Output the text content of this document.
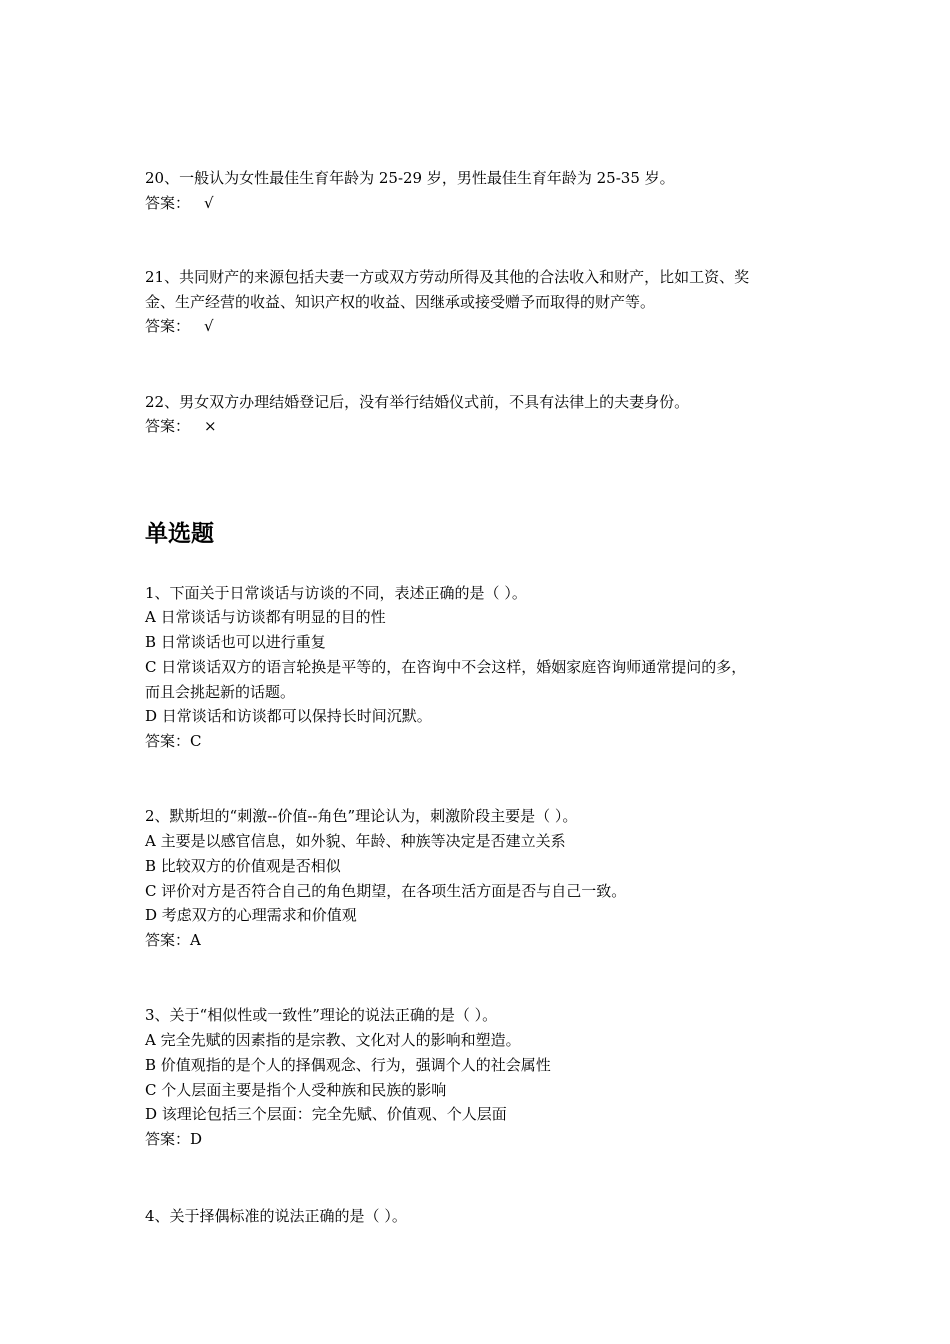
20、一般认为女性最佳生育年龄为 25-29 岁，男性最佳生育年龄为 25-35 岁。
答案： √
21、共同财产的来源包括夫妻一方或双方劳动所得及其他的合法收入和财产，比如工资、奖
金、生产经营的收益、知识产权的收益、因继承或接受赠予而取得的财产等。
答案： √
22、男女双方办理结婚登记后，没有举行结婚仪式前，不具有法律上的夫妻身份。
答案： ×
单选题
1、下面关于日常谈话与访谈的不同，表述正确的是（ ）。
A 日常谈话与访谈都有明显的目的性
B 日常谈话也可以进行重复
C 日常谈话双方的语言轮换是平等的，在咨询中不会这样，婚姻家庭咨询师通常提问的多，
而且会挑起新的话题。
D 日常谈话和访谈都可以保持长时间沉默。
答案：C
2、默斯坦的“刺激--价值--角色”理论认为，刺激阶段主要是（ ）。
A 主要是以感官信息，如外貌、年龄、种族等决定是否建立关系
B 比较双方的价值观是否相似
C 评价对方是否符合自己的角色期望，在各项生活方面是否与自己一致。
D 考虑双方的心理需求和价值观
答案：A
3、关于“相似性或一致性”理论的说法正确的是（ ）。
A 完全先赋的因素指的是宗教、文化对人的影响和塑造。
B 价值观指的是个人的择偶观念、行为，强调个人的社会属性
C 个人层面主要是指个人受种族和民族的影响
D 该理论包括三个层面：完全先赋、价值观、个人层面
答案：D
4、关于择偶标准的说法正确的是（ ）。
